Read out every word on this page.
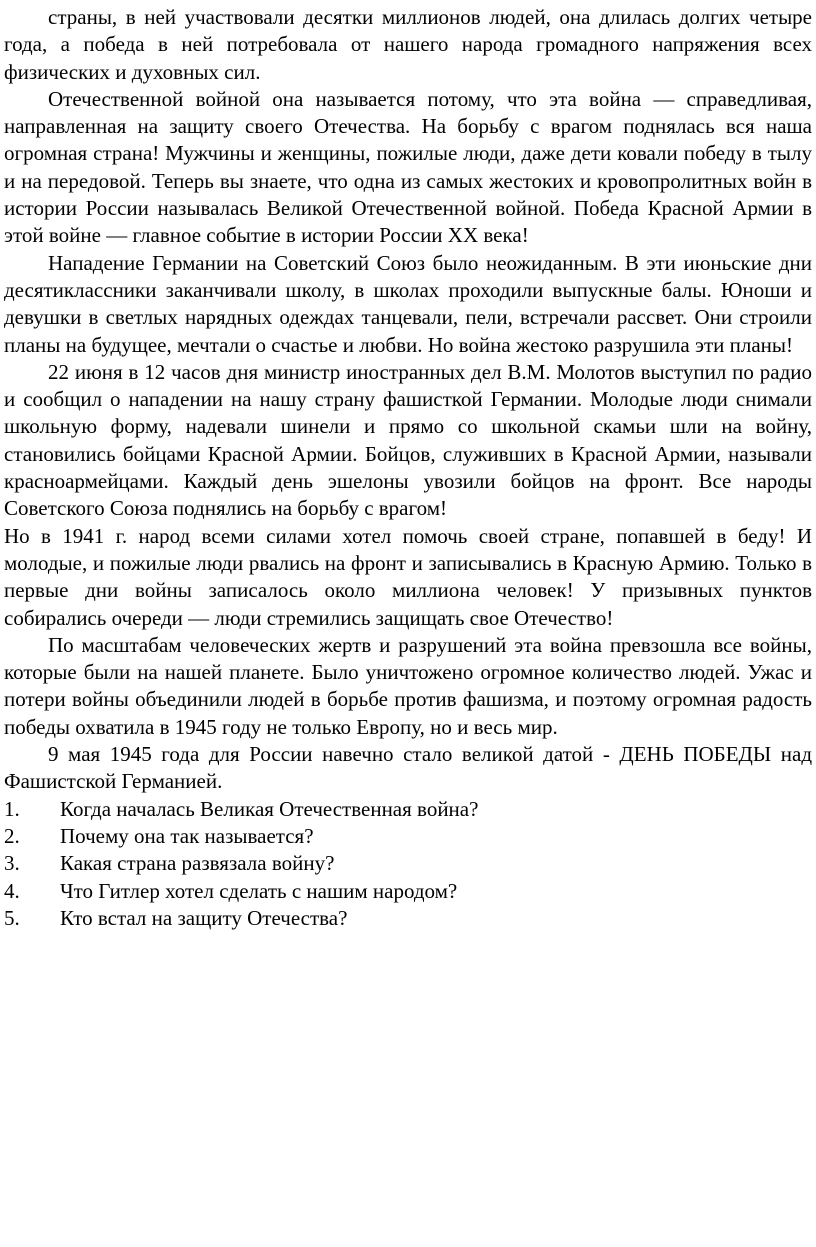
страны, в ней участвовали десятки миллионов людей, она длилась долгих четыре года, а победа в ней потребовала от нашего народа громадного напряжения всех физических и духовных сил.

Отечественной войной она называется потому, что эта война — справедливая, направленная на защиту своего Отечества. На борьбу с врагом поднялась вся наша огромная страна! Мужчины и женщины, пожилые люди, даже дети ковали победу в тылу и на передовой. Теперь вы знаете, что одна из самых жестоких и кровопролитных войн в истории России называлась Великой Отечественной войной. Победа Красной Армии в этой войне — главное событие в истории России XX века!

Нападение Германии на Советский Союз было неожиданным. В эти июньские дни десятиклассники заканчивали школу, в школах проходили выпускные балы. Юноши и девушки в светлых нарядных одеждах танцевали, пели, встречали рассвет. Они строили планы на будущее, мечтали о счастье и любви. Но война жестоко разрушила эти планы!

22 июня в 12 часов дня министр иностранных дел В.М. Молотов выступил по радио и сообщил о нападении на нашу страну фашисткой Германии. Молодые люди снимали школьную форму, надевали шинели и прямо со школьной скамьи шли на войну, становились бойцами Красной Армии. Бойцов, служивших в Красной Армии, называли красноармейцами. Каждый день эшелоны увозили бойцов на фронт. Все народы Советского Союза поднялись на борьбу с врагом!

Но в 1941 г. народ всеми силами хотел помочь своей стране, попавшей в беду! И молодые, и пожилые люди рвались на фронт и записывались в Красную Армию. Только в первые дни войны записалось около миллиона человек! У призывных пунктов собирались очереди — люди стремились защищать свое Отечество!

По масштабам человеческих жертв и разрушений эта война превзошла все войны, которые были на нашей планете. Было уничтожено огромное количество людей. Ужас и потери войны объединили людей в борьбе против фашизма, и поэтому огромная радость победы охватила в 1945 году не только Европу, но и весь мир.

9 мая 1945 года для России навечно стало великой датой - ДЕНЬ ПОБЕДЫ над Фашистской Германией.

1.	Когда началась Великая Отечественная война?
2.	Почему она так называется?
3.	Какая страна развязала войну?
4.	Что Гитлер хотел сделать с нашим народом?
5.	Кто встал на защиту Отечества?
